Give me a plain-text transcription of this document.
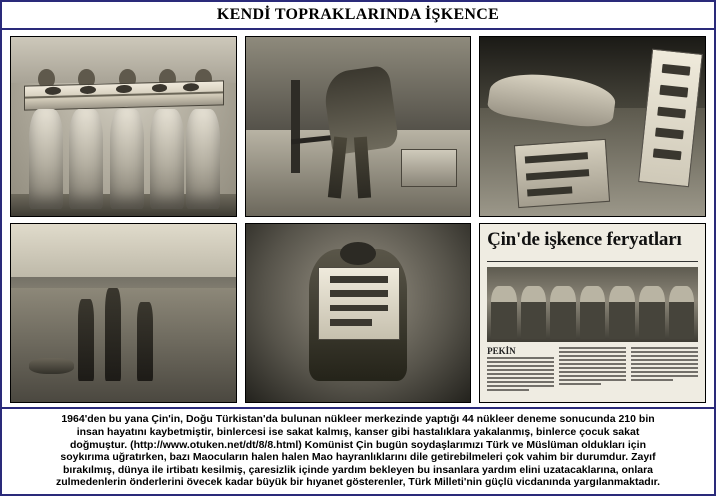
KENDİ TOPRAKLARINDA İŞKENCE
Çin'de işkence feryatları
PEKİN

1964'den bu yana Çin'in, Doğu Türkistan'da bulunan nükleer merkezinde yaptığı 44 nükleer deneme sonucunda 210 bin

insan hayatını kaybetmiştir, binlercesi ise sakat kalmış, kanser gibi hastalıklara yakalanmış, binlerce çocuk sakat

doğmuştur. (http://www.otuken.net/dt/8/8.html) Komünist Çin bugün soydaşlarımızı Türk ve Müslüman oldukları için

soykırıma uğratırken, bazı Maocuların halen halen Mao hayranlıklarını dile getirebilmeleri çok vahim bir durumdur. Zayıf

bırakılmış, dünya ile irtibatı kesilmiş, çaresizlik içinde yardım bekleyen bu insanlara yardım elini uzatacaklarına, onlara

zulmedenlerin önderlerini övecek kadar büyük bir hıyanet gösterenler, Türk Milleti'nin güçlü vicdanında yargılanmaktadır.
